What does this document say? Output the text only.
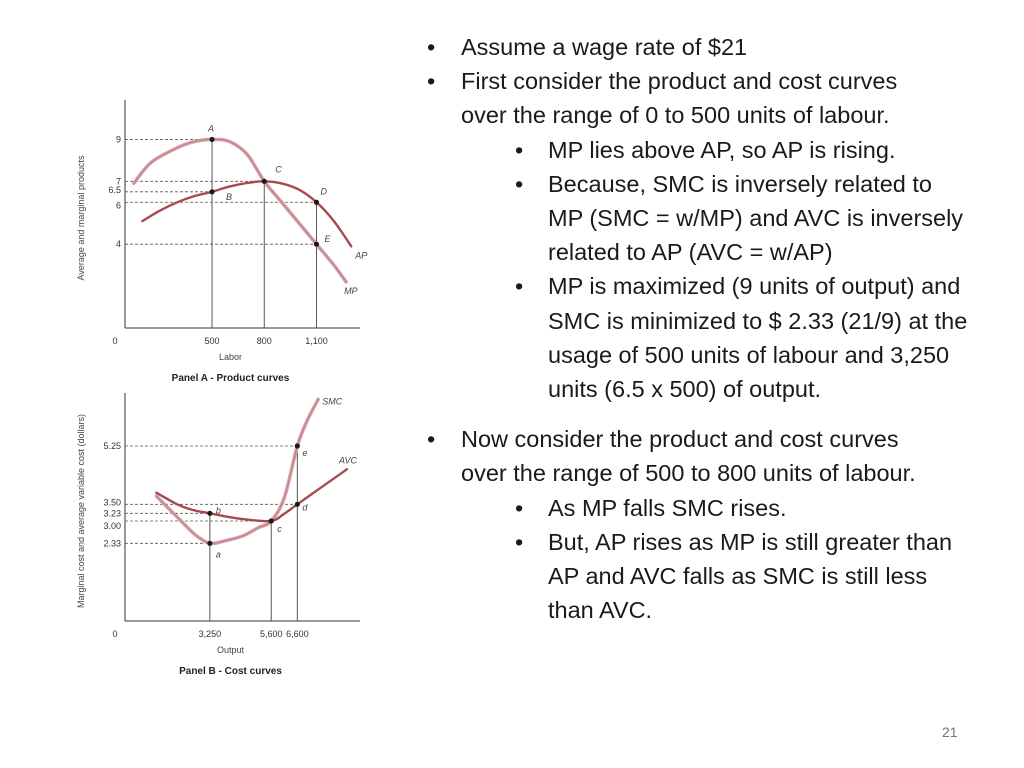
MP
AP
A
B
C
D
E
9
7
6.5
6
4
500	800	1,100
0
Labor
Average and marginal products
Panel A - Product curves
SMC
AVC
a
b
c
d
e
5.25
3.50
3.23
3.00
2.33
3,250	5,600 6,600
0
Output
Marginal cost and average variable cost (dollars)
Panel B - Cost curves
• Assume a wage rate of $21
• First consider the product and cost curves over the range of 0 to 500 units of labour.
• MP lies above AP, so AP is rising.
• Because, SMC is inversely related to MP (SMC = w/MP) and AVC is inversely related to AP (AVC = w/AP)
• MP is maximized (9 units of output) and SMC is minimized to $ 2.33 (21/9) at the usage of 500 units of labour and 3,250 units (6.5 x 500) of output.
• Now consider the product and cost curves over the range of 500 to 800 units of labour.
• As MP falls SMC rises.
• But, AP rises as MP is still greater than AP and AVC falls as SMC is still less than AVC.
21
